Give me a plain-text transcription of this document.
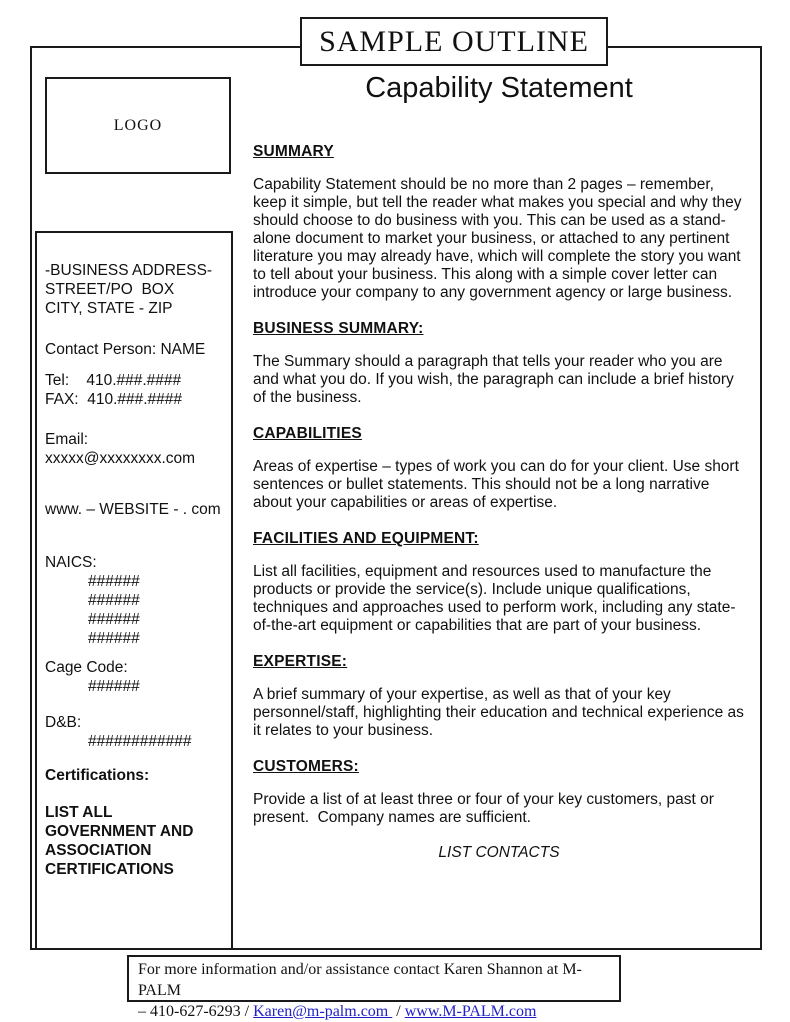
SAMPLE OUTLINE
LOGO
-BUSINESS ADDRESS-
STREET/PO  BOX
CITY, STATE - ZIP
Contact Person: NAME
Tel:    410.###.####
FAX:  410.###.####
Email:
xxxxx@xxxxxxxx.com
www. – WEBSITE - . com
NAICS:
######
######
######
######
Cage Code:
######
D&B:
############
Certifications:
LIST ALL
GOVERNMENT AND
ASSOCIATION
CERTIFICATIONS
Capability Statement
SUMMARY
Capability Statement should be no more than 2 pages – remember, keep it simple, but tell the reader what makes you special and why they should choose to do business with you. This can be used as a stand-alone document to market your business, or attached to any pertinent literature you may already have, which will complete the story you want to tell about your business. This along with a simple cover letter can introduce your company to any government agency or large business.
BUSINESS SUMMARY:
The Summary should a paragraph that tells your reader who you are and what you do. If you wish, the paragraph can include a brief history of the business.
CAPABILITIES
Areas of expertise – types of work you can do for your client. Use short sentences or bullet statements. This should not be a long narrative about your capabilities or areas of expertise.
FACILITIES AND EQUIPMENT:
List all facilities, equipment and resources used to manufacture the products or provide the service(s). Include unique qualifications, techniques and approaches used to perform work, including any state-of-the-art equipment or capabilities that are part of your business.
EXPERTISE:
A brief summary of your expertise, as well as that of your key personnel/staff, highlighting their education and technical experience as it relates to your business.
CUSTOMERS:
Provide a list of at least three or four of your key customers, past or present.  Company names are sufficient.
LIST CONTACTS
For more information and/or assistance contact Karen Shannon at M-PALM
– 410-627-6293 / Karen@m-palm.com  / www.M-PALM.com
